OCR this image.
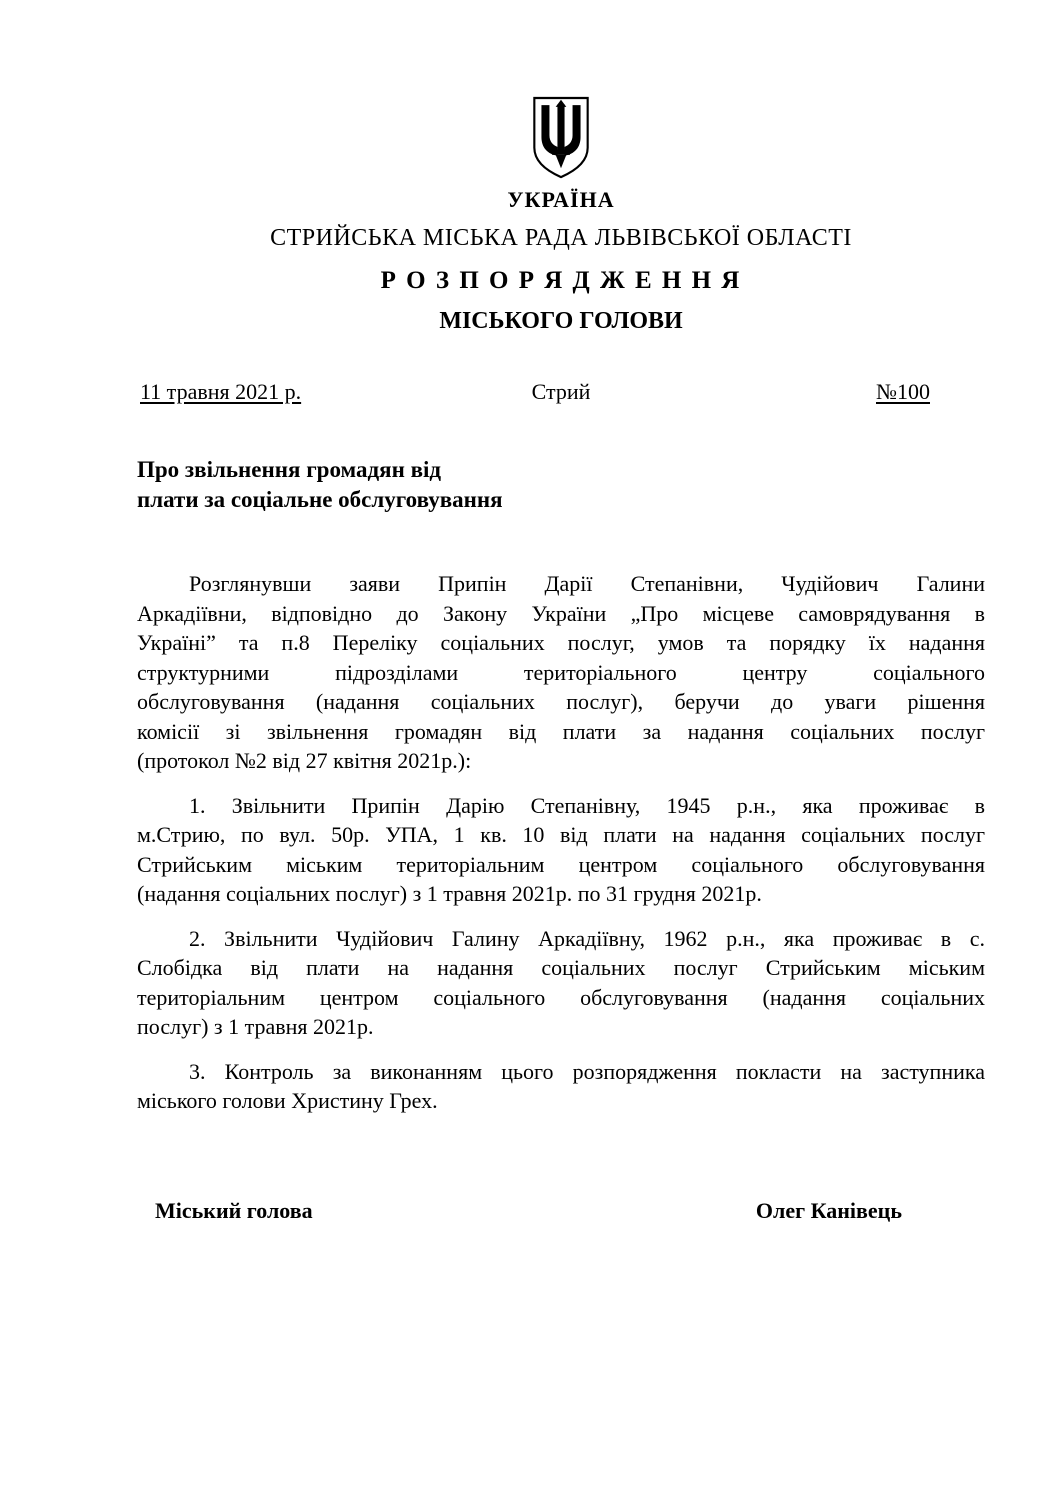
УКРАЇНА
СТРИЙСЬКА МІСЬКА РАДА ЛЬВІВСЬКОЇ ОБЛАСТІ
Р О З П О Р Я Д Ж Е Н Н Я
МІСЬКОГО ГОЛОВИ
11 травня 2021 р.	Стрий	№100
Про звільнення громадян від
плати за соціальне обслуговування
Розглянувши заяви Припін Дарії Степанівни, Чудійович Галини
Аркадіївни, відповідно до Закону України „Про місцеве самоврядування в
Україні” та п.8 Переліку соціальних послуг, умов та порядку їх надання
структурними підрозділами територіального центру соціального
обслуговування (надання соціальних послуг), беручи до уваги рішення
комісії зі звільнення громадян від плати за надання соціальних послуг
(протокол №2 від 27 квітня 2021р.):
1. Звільнити Припін Дарію Степанівну, 1945 р.н., яка проживає в
м.Стрию, по вул. 50р. УПА, 1 кв. 10 від плати на надання соціальних послуг
Стрийським міським територіальним центром соціального обслуговування
(надання соціальних послуг) з 1 травня 2021р. по 31 грудня 2021р.
2. Звільнити Чудійович Галину Аркадіївну, 1962 р.н., яка проживає в с.
Слобідка від плати на надання соціальних послуг Стрийським міським
територіальним центром соціального обслуговування (надання соціальних
послуг) з 1 травня 2021р.
3. Контроль за виконанням цього розпорядження покласти на заступника
міського голови Христину Грех.
Міський голова	Олег Канівець
